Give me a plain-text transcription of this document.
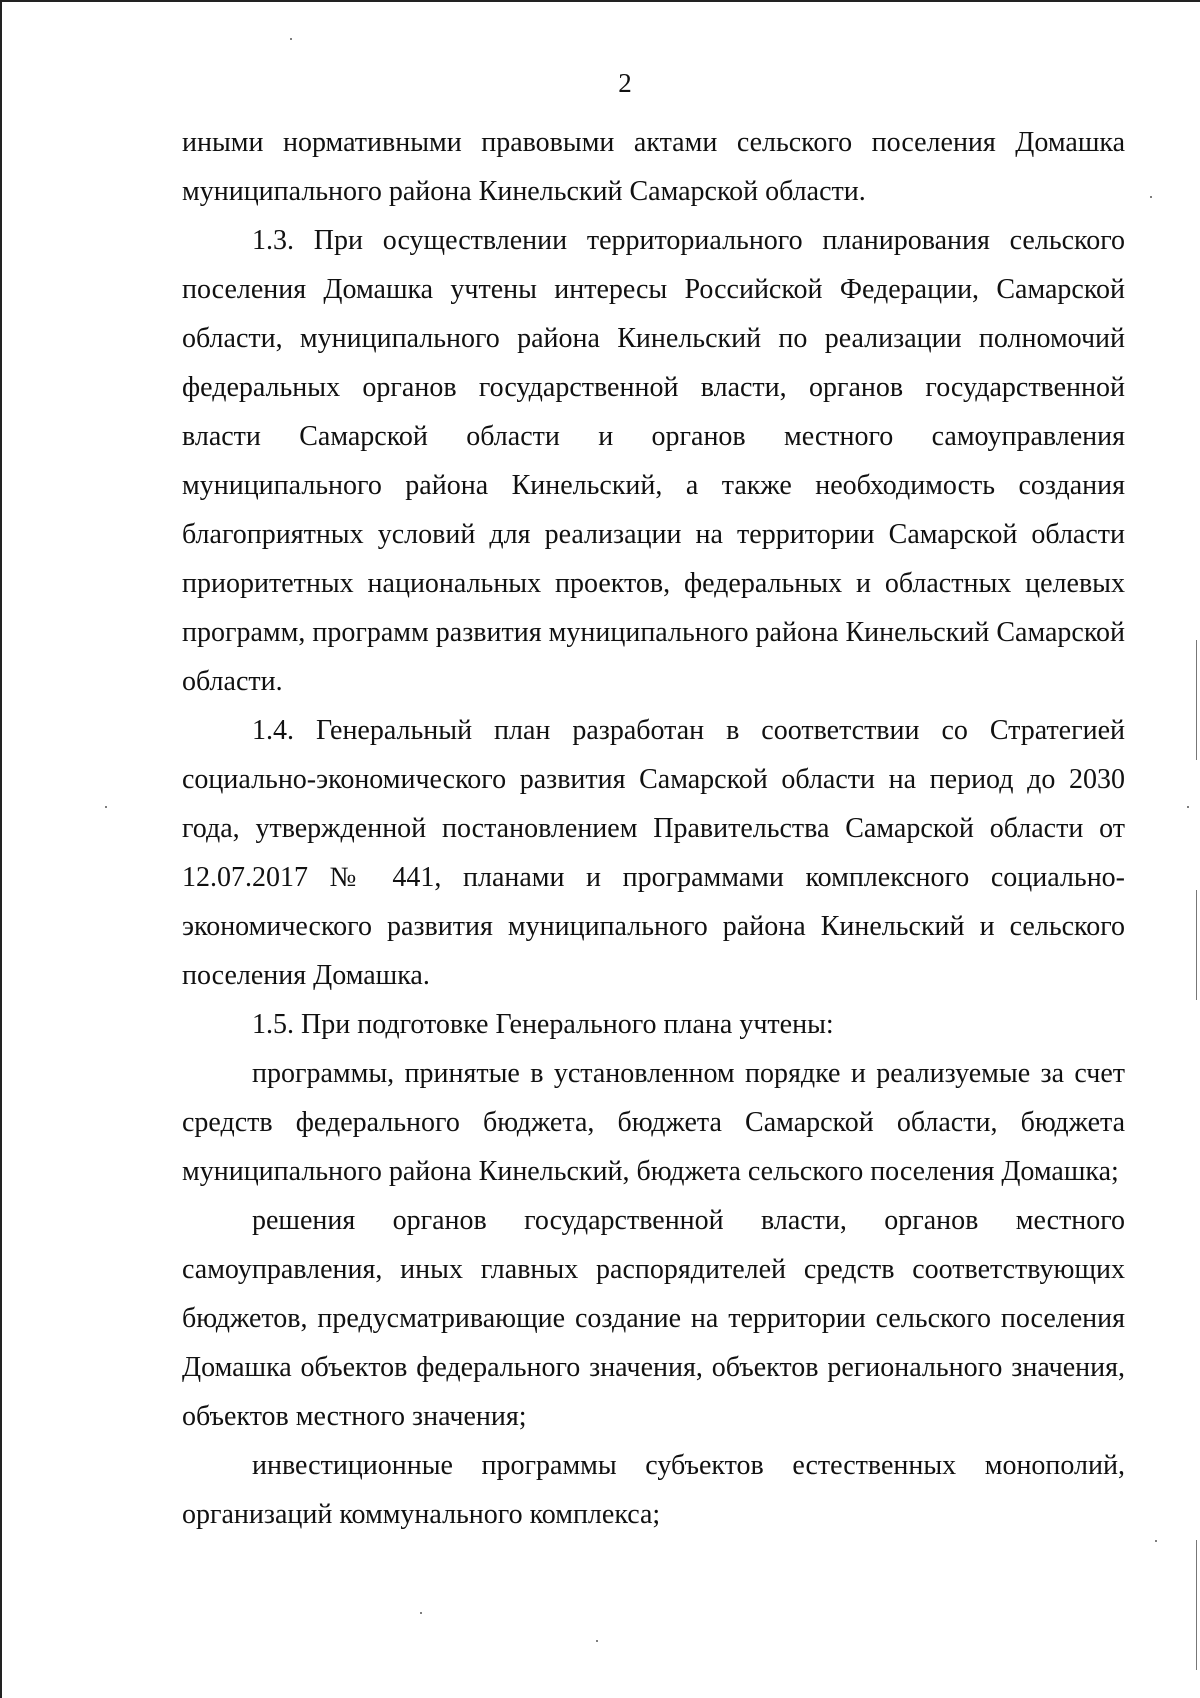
2

иными нормативными правовыми актами сельского поселения Домашка муниципального района Кинельский Самарской области.

1.3. При осуществлении территориального планирования сельского поселения Домашка учтены интересы Российской Федерации, Самарской области, муниципального района Кинельский по реализации полномочий федеральных органов государственной власти, органов государственной власти Самарской области и органов местного самоуправления муниципального района Кинельский, а также необходимость создания благоприятных условий для реализации на территории Самарской области приоритетных национальных проектов, федеральных и областных целевых программ, программ развития муниципального района Кинельский Самарской области.

1.4. Генеральный план разработан в соответствии со Стратегией социально-экономического развития Самарской области на период до 2030 года, утвержденной постановлением Правительства Самарской области от 12.07.2017 № 441, планами и программами комплексного социально-экономического развития муниципального района Кинельский и сельского поселения Домашка.

1.5. При подготовке Генерального плана учтены:

программы, принятые в установленном порядке и реализуемые за счет средств федерального бюджета, бюджета Самарской области, бюджета муниципального района Кинельский, бюджета сельского поселения Домашка;

решения органов государственной власти, органов местного самоуправления, иных главных распорядителей средств соответствующих бюджетов, предусматривающие создание на территории сельского поселения Домашка объектов федерального значения, объектов регионального значения, объектов местного значения;

инвестиционные программы субъектов естественных монополий, организаций коммунального комплекса;
